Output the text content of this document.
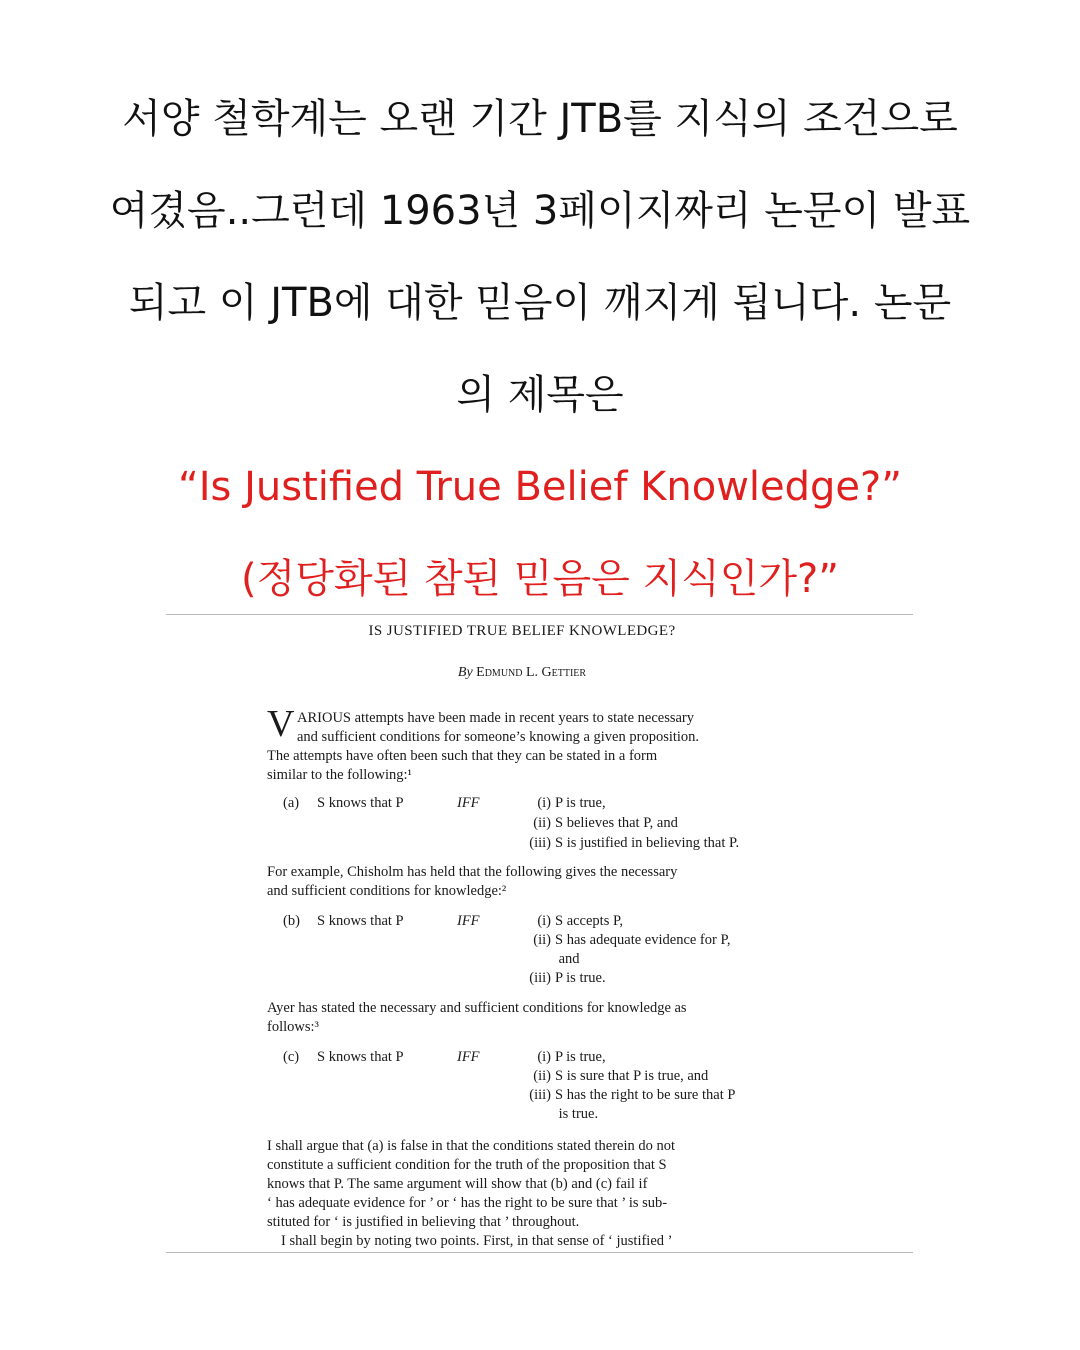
서양 철학계는 오랜 기간 JTB를 지식의 조건으로
여겼음..그런데 1963년 3페이지짜리 논문이 발표
되고 이 JTB에 대한 믿음이 깨지게 됩니다. 논문
의 제목은
“Is Justified True Belief Knowledge?”
(정당화된 참된 믿음은 지식인가?”
IS JUSTIFIED TRUE BELIEF KNOWLEDGE?
By Edmund L. Gettier
V ARIOUS attempts have been made in recent years to state necessary
and sufficient conditions for someone’s knowing a given proposition.
The attempts have often been such that they can be stated in a form
similar to the following:¹
(a) S knows that P	IFF	(i) P is true,
(ii) S believes that P, and
(iii) S is justified in believing that P.
For example, Chisholm has held that the following gives the necessary
and sufficient conditions for knowledge:²
(b) S knows that P	IFF	(i) S accepts P,
(ii) S has adequate evidence for P,
and
(iii) P is true.
Ayer has stated the necessary and sufficient conditions for knowledge as
follows:³
(c) S knows that P	IFF	(i) P is true,
(ii) S is sure that P is true, and
(iii) S has the right to be sure that P
is true.
I shall argue that (a) is false in that the conditions stated therein do not
constitute a sufficient condition for the truth of the proposition that S
knows that P. The same argument will show that (b) and (c) fail if
‘ has adequate evidence for ’ or ‘ has the right to be sure that ’ is sub-
stituted for ‘ is justified in believing that ’ throughout.
I shall begin by noting two points. First, in that sense of ‘ justified ’
